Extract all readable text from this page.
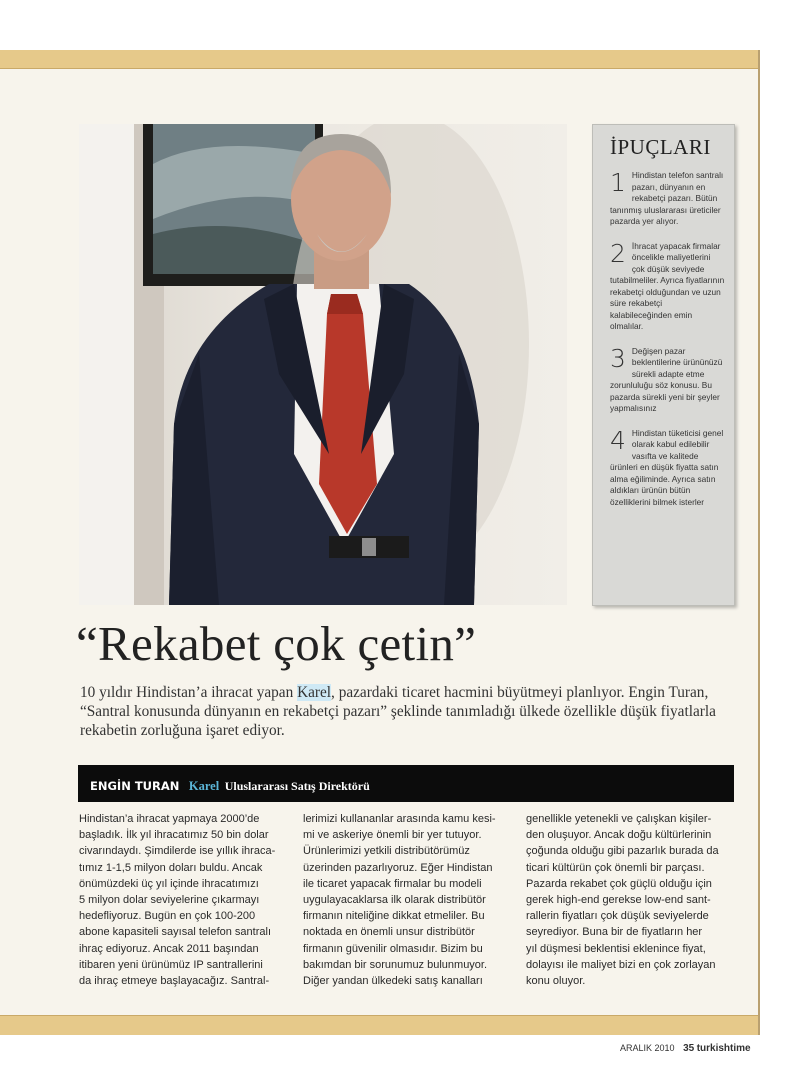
İPUÇLARI
1 Hindistan telefon santralı pazarı, dünyanın en rekabetçi pazarı. Bütün tanınmış uluslararası üreticiler pazarda yer alıyor.
2 İhracat yapacak firmalar öncelikle maliyetlerini çok düşük seviyede tutabilmeliler. Ayrıca fiyatlarının rekabetçi olduğundan ve uzun süre rekabetçi kalabileceğinden emin olmalılar.
3 Değişen pazar beklentilerine ürününüzü sürekli adapte etme zorunluluğu söz konusu. Bu pazarda sürekli yeni bir şeyler yapmalısınız
4 Hindistan tüketicisi genel olarak kabul edilebilir vasıfta ve kalitede ürünleri en düşük fiyatta satın alma eğiliminde. Ayrıca satın aldıkları ürünün bütün özelliklerini bilmek isterler
“Rekabet çok çetin”
10 yıldır Hindistan’a ihracat yapan Karel, pazardaki ticaret hacmini büyütmeyi planlıyor. Engin Turan, “Santral konusunda dünyanın en rekabetçi pazarı” şeklinde tanımladığı ülkede özellikle düşük fiyatlarla rekabetin zorluğuna işaret ediyor.
ENGİN TURAN Karel Uluslararası Satış Direktörü
Hindistan’a ihracat yapmaya 2000’de
başladık. İlk yıl ihracatımız 50 bin dolar
civarındaydı. Şimdilerde ise yıllık ihraca-
tımız 1-1,5 milyon doları buldu. Ancak
önümüzdeki üç yıl içinde ihracatımızı
5 milyon dolar seviyelerine çıkarmayı
hedefliyoruz. Bugün en çok 100-200
abone kapasiteli sayısal telefon santralı
ihraç ediyoruz. Ancak 2011 başından
itibaren yeni ürünümüz IP santrallerini
da ihraç etmeye başlayacağız. Santral-
lerimizi kullananlar arasında kamu kesi-
mi ve askeriye önemli bir yer tutuyor.
Ürünlerimizi yetkili distribütörümüz
üzerinden pazarlıyoruz. Eğer Hindistan
ile ticaret yapacak firmalar bu modeli
uygulayacaklarsa ilk olarak distribütör
firmanın niteliğine dikkat etmeliler. Bu
noktada en önemli unsur distribütör
firmanın güvenilir olmasıdır. Bizim bu
bakımdan bir sorunumuz bulunmuyor.
Diğer yandan ülkedeki satış kanalları
genellikle yetenekli ve çalışkan kişiler-
den oluşuyor. Ancak doğu kültürlerinin
çoğunda olduğu gibi pazarlık burada da
ticari kültürün çok önemli bir parçası.
Pazarda rekabet çok güçlü olduğu için
gerek high-end gerekse low-end sant-
rallerin fiyatları çok düşük seviyelerde
seyrediyor. Buna bir de fiyatların her
yıl düşmesi beklentisi eklenince fiyat,
dolayısı ile maliyet bizi en çok zorlayan
konu oluyor.
ARALIK 2010 35 turkishtime
